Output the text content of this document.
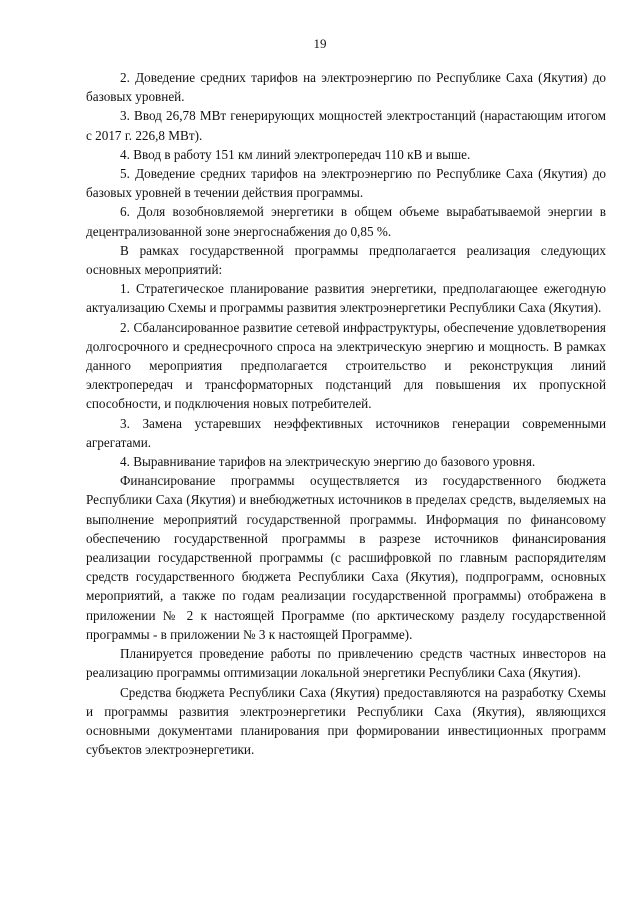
19

2. Доведение средних тарифов на электроэнергию по Республике Саха (Якутия) до базовых уровней.

3. Ввод 26,78 МВт генерирующих мощностей электростанций (нарастающим итогом с 2017 г. 226,8 МВт).

4. Ввод в работу 151 км линий электропередач 110 кВ и выше.

5. Доведение средних тарифов на электроэнергию по Республике Саха (Якутия) до базовых уровней в течении действия программы.

6. Доля возобновляемой энергетики в общем объеме вырабатываемой энергии в децентрализованной зоне энергоснабжения до 0,85 %.

В рамках государственной программы предполагается реализация следующих основных мероприятий:

1. Стратегическое планирование развития энергетики, предполагающее ежегодную актуализацию Схемы и программы развития электроэнергетики Республики Саха (Якутия).

2. Сбалансированное развитие сетевой инфраструктуры, обеспечение удовлетворения долгосрочного и среднесрочного спроса на электрическую энергию и мощность. В рамках данного мероприятия предполагается строительство и реконструкция линий электропередач и трансформаторных подстанций для повышения их пропускной способности, и подключения новых потребителей.

3. Замена устаревших неэффективных источников генерации современными агрегатами.

4. Выравнивание тарифов на электрическую энергию до базового уровня.

Финансирование программы осуществляется из государственного бюджета Республики Саха (Якутия) и внебюджетных источников в пределах средств, выделяемых на выполнение мероприятий государственной программы. Информация по финансовому обеспечению государственной программы в разрезе источников финансирования реализации государственной программы (с расшифровкой по главным распорядителям средств государственного бюджета Республики Саха (Якутия), подпрограмм, основных мероприятий, а также по годам реализации государственной программы) отображена в приложении № 2 к настоящей Программе (по арктическому разделу государственной программы - в приложении № 3 к настоящей Программе).

Планируется проведение работы по привлечению средств частных инвесторов на реализацию программы оптимизации локальной энергетики Республики Саха (Якутия).

Средства бюджета Республики Саха (Якутия) предоставляются на разработку Схемы и программы развития электроэнергетики Республики Саха (Якутия), являющихся основными документами планирования при формировании инвестиционных программ субъектов электроэнергетики.
